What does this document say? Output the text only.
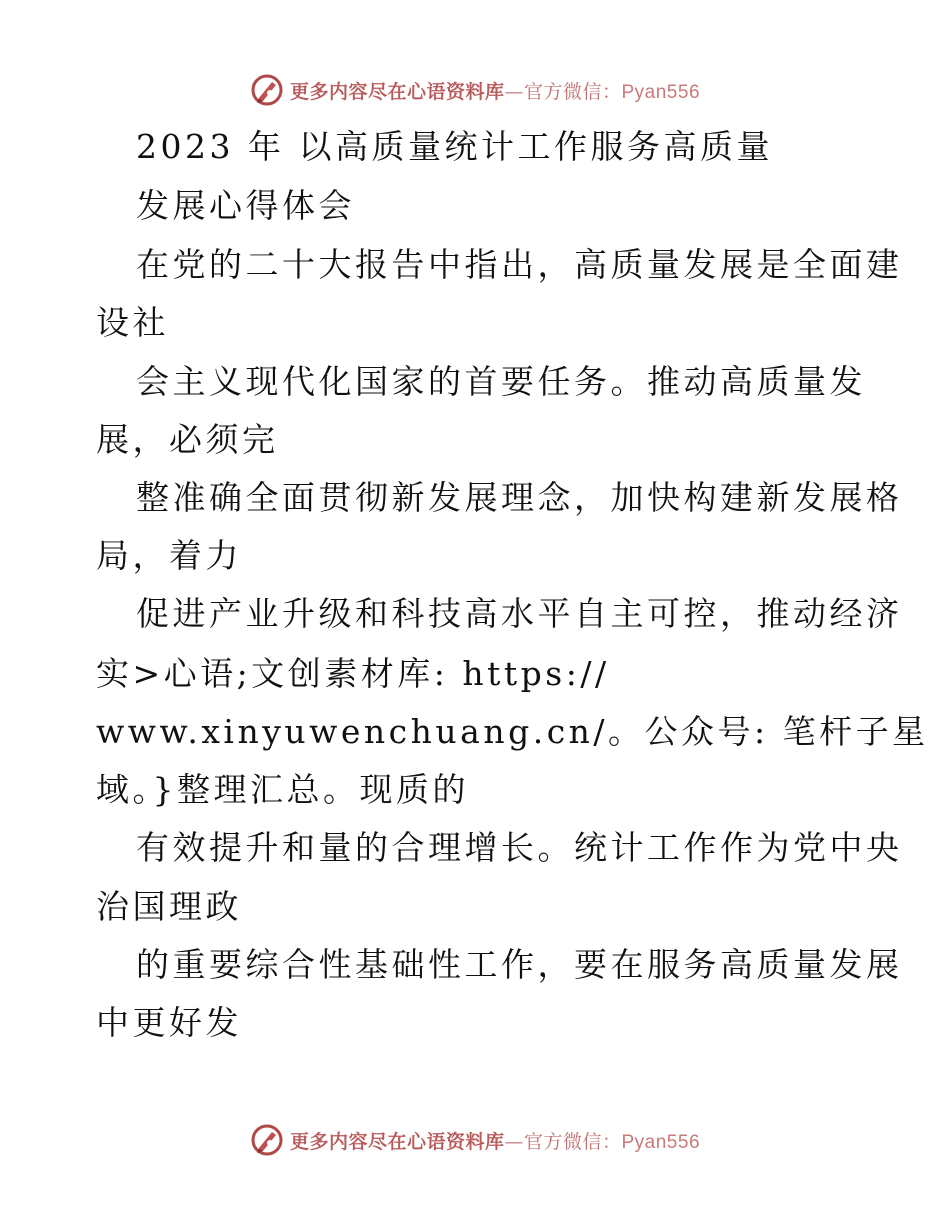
更多内容尽在心语资料库—官方微信：Pyan556
2023 年 以高质量统计工作服务高质量
发展心得体会
在党的二十大报告中指出，高质量发展是全面建
设社
会主义现代化国家的首要任务。推动高质量发
展，必须完
整准确全面贯彻新发展理念，加快构建新发展格
局，着力
促进产业升级和科技高水平自主可控，推动经济
实>心语;文创素材库: https://
www.xinyuwenchuang.cn/。公众号: 笔杆子星
域。}整理汇总。现质的
有效提升和量的合理增长。统计工作作为党中央
治国理政
的重要综合性基础性工作，要在服务高质量发展
中更好发
更多内容尽在心语资料库—官方微信：Pyan556
